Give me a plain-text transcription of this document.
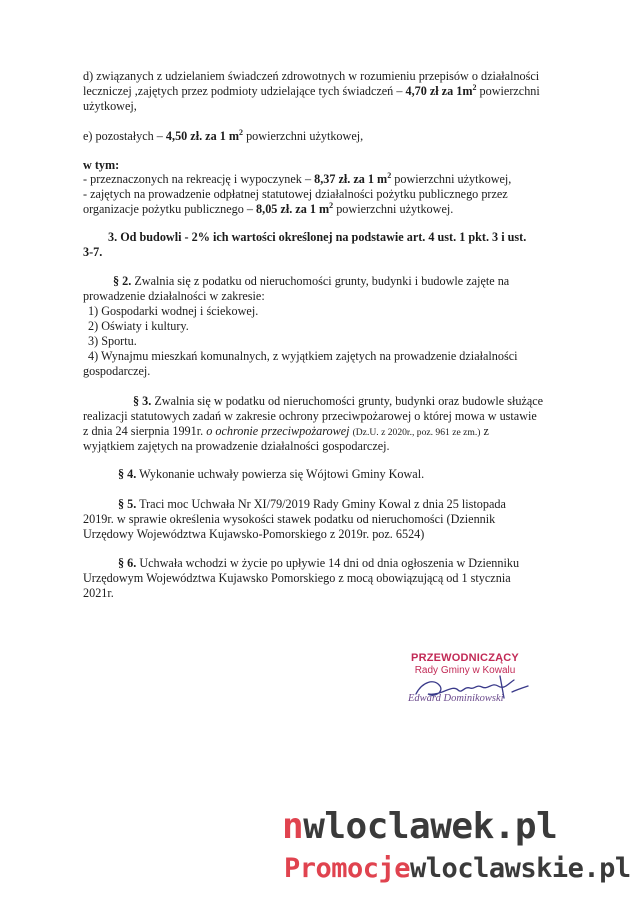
d) związanych z udzielaniem świadczeń zdrowotnych w rozumieniu przepisów o działalności

leczniczej ,zajętych przez podmioty udzielające tych świadczeń – 4,70 zł za $1m^2$ powierzchni

użytkowej,

e) pozostałych – 4,50 zł. za 1 $m^2$ powierzchni użytkowej,

w tym:

- przeznaczonych na rekreację i wypoczynek – 8,37 zł. za 1 $m^2$ powierzchni użytkowej,

- zajętych na prowadzenie odpłatnej statutowej działalności pożytku publicznego przez

organizacje pożytku publicznego – 8,05 zł. za 1 $m^2$ powierzchni użytkowej.

3. Od budowli - 2% ich wartości określonej na podstawie art. 4 ust. 1 pkt. 3 i ust.

3-7.

§ 2. Zwalnia się z podatku od nieruchomości grunty, budynki i budowle zajęte na

prowadzenie działalności w zakresie:

1) Gospodarki wodnej i ściekowej.

2) Oświaty i kultury.

3) Sportu.

4) Wynajmu mieszkań komunalnych, z wyjątkiem zajętych na prowadzenie działalności

gospodarczej.

§ 3. Zwalnia się w podatku od nieruchomości grunty, budynki oraz budowle służące

realizacji statutowych zadań w zakresie ochrony przeciwpożarowej o której mowa w ustawie

z dnia 24 sierpnia 1991r. o ochronie przeciwpożarowej (Dz.U. z 2020r., poz. 961 ze zm.) z

wyjątkiem zajętych na prowadzenie działalności gospodarczej.

§ 4. Wykonanie uchwały powierza się Wójtowi Gminy Kowal.

§ 5. Traci moc Uchwała Nr XI/79/2019 Rady Gminy Kowal z dnia 25 listopada

2019r. w sprawie określenia wysokości stawek podatku od nieruchomości (Dziennik

Urzędowy Województwa Kujawsko-Pomorskiego z 2019r. poz. 6524)

§ 6. Uchwała wchodzi w życie po upływie 14 dni od dnia ogłoszenia w Dzienniku

Urzędowym Województwa Kujawsko Pomorskiego z mocą obowiązującą od 1 stycznia

2021r.

PRZEWODNICZĄCY
Rady Gminy w Kowalu
Edward Dominikowski
nwloclawek.pl
Promocjewloclawskie.pl
